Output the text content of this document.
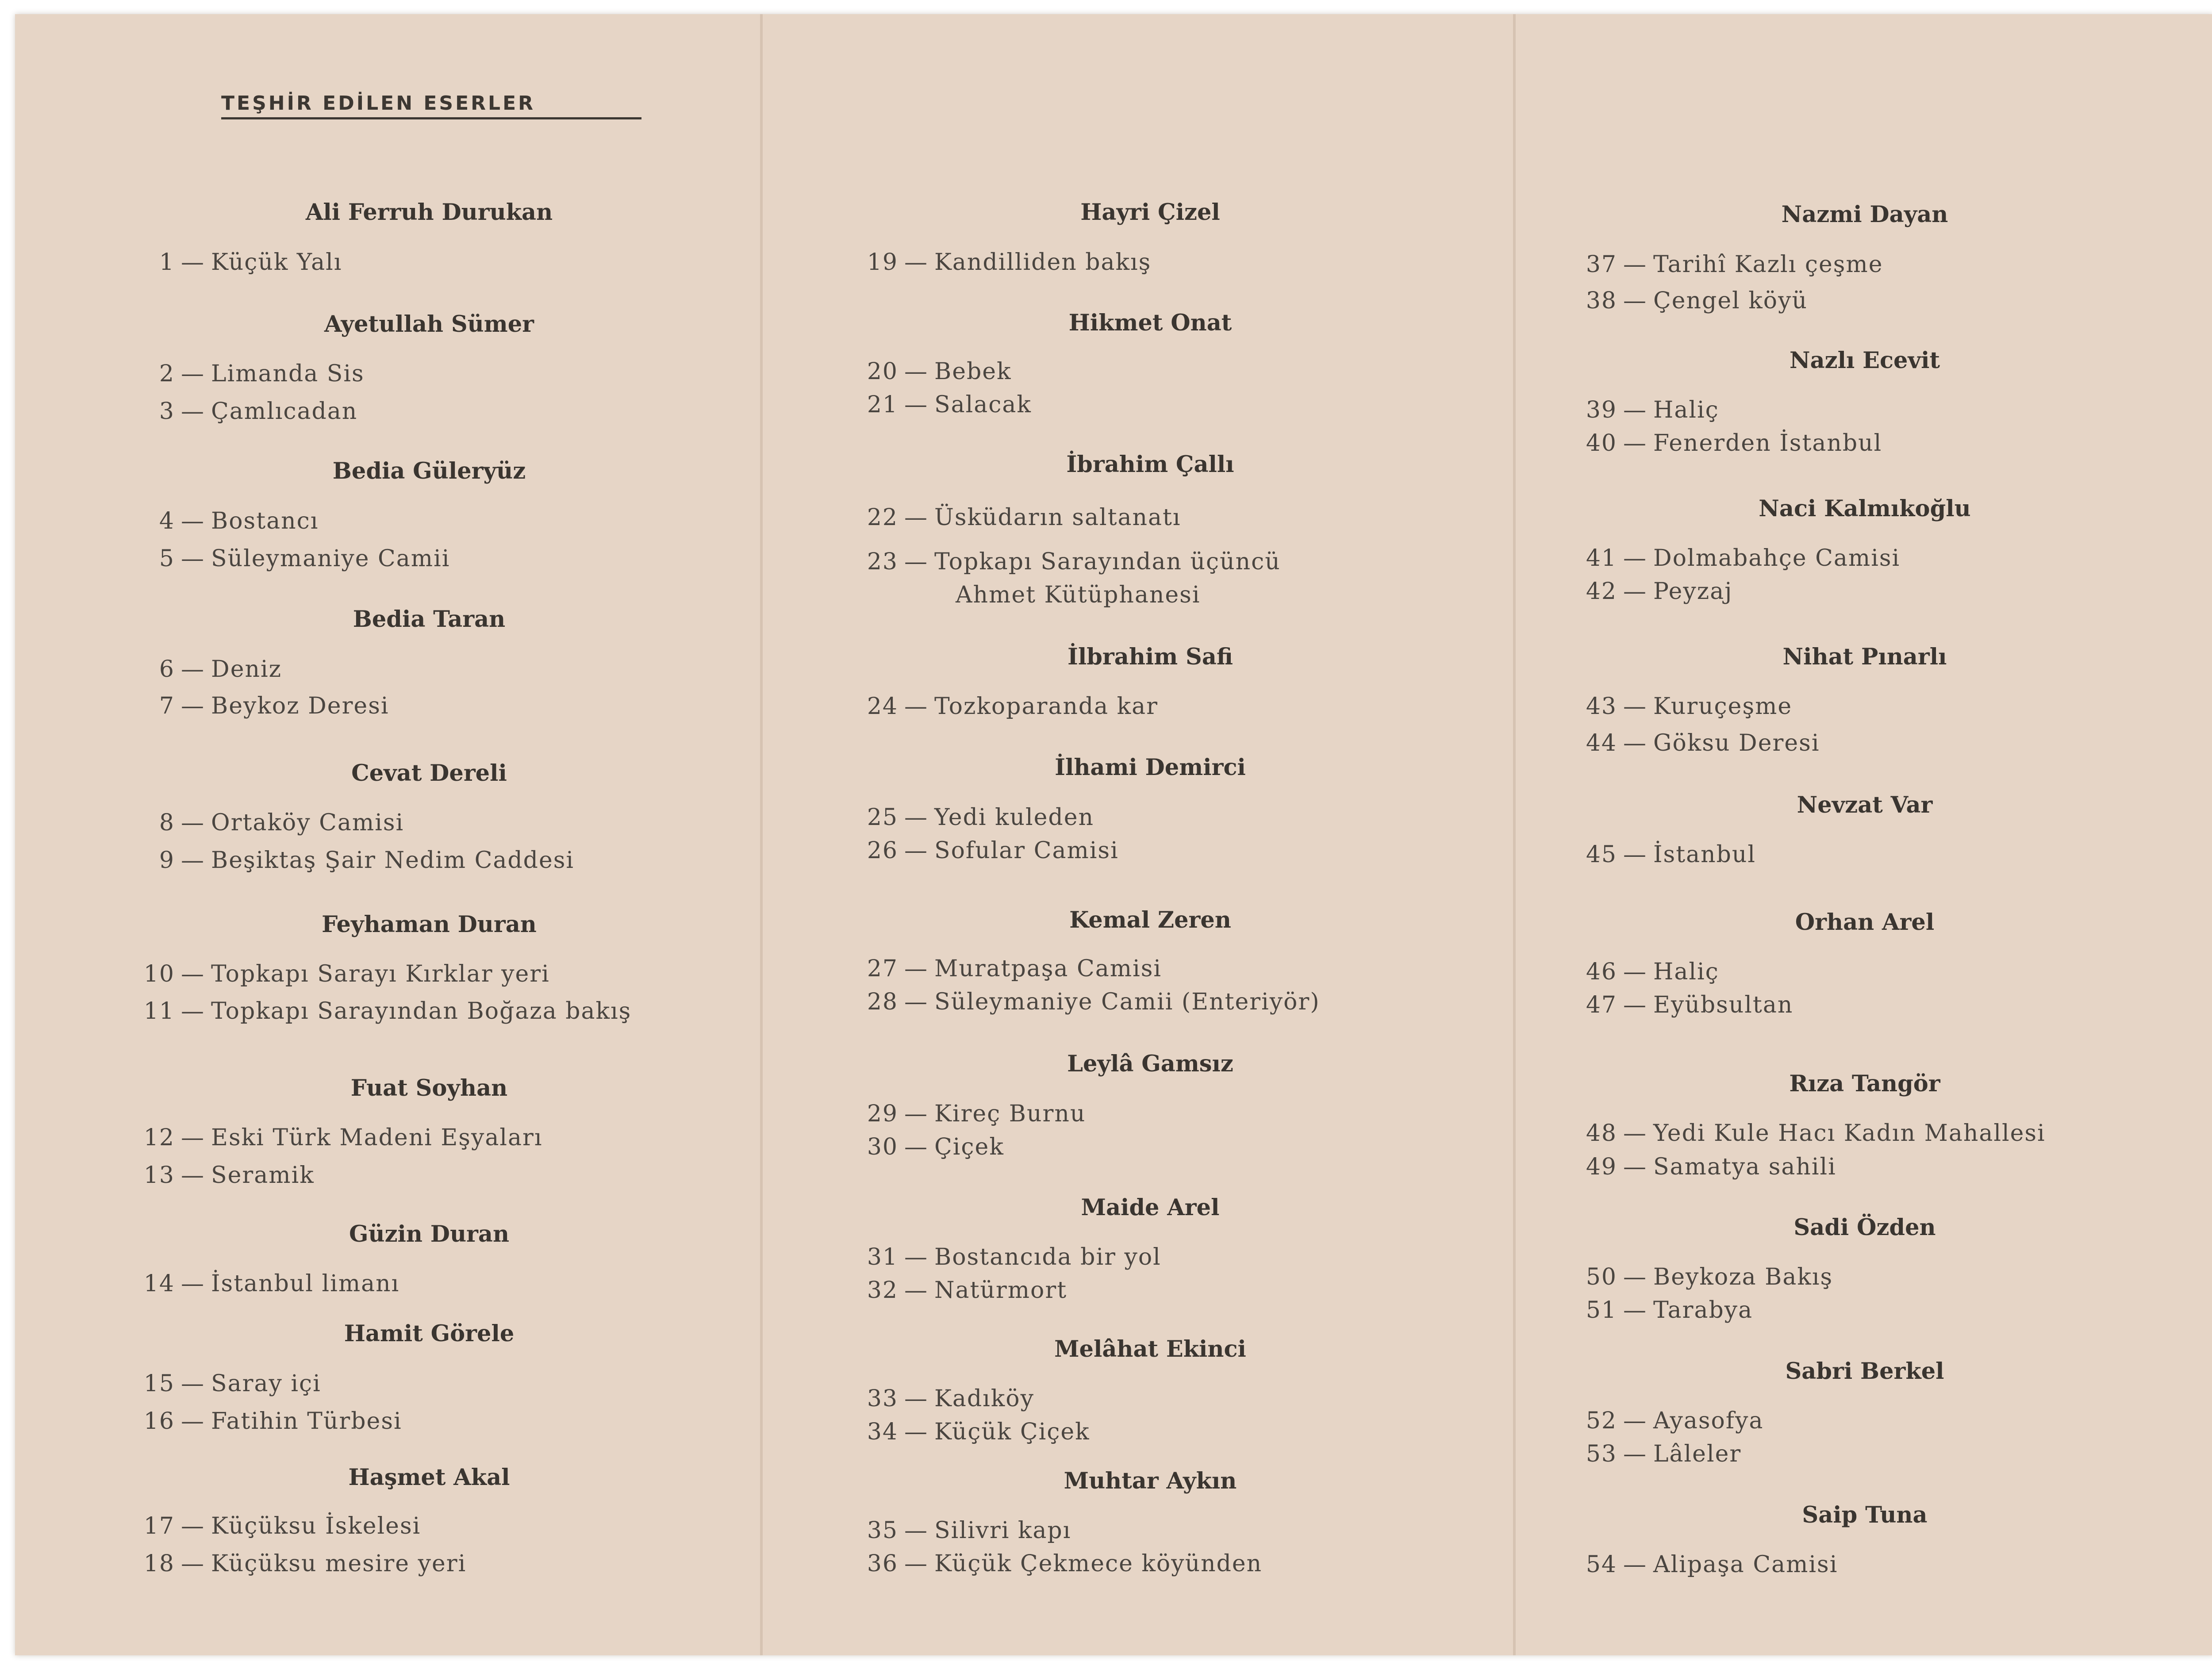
TEŞHİR EDİLEN ESERLER
Ali Ferruh Durukan
1 — Küçük Yalı
Ayetullah Sümer
2 — Limanda Sis
3 — Çamlıcadan
Bedia Güleryüz
4 — Bostancı
5 — Süleymaniye Camii
Bedia Taran
6 — Deniz
7 — Beykoz Deresi
Cevat Dereli
8 — Ortaköy Camisi
9 — Beşiktaş Şair Nedim Caddesi
Feyhaman Duran
10 — Topkapı Sarayı Kırklar yeri
11 — Topkapı Sarayından Boğaza bakış
Fuat Soyhan
12 — Eski Türk Madeni Eşyaları
13 — Seramik
Güzin Duran
14 — İstanbul limanı
Hamit Görele
15 — Saray içi
16 — Fatihin Türbesi
Haşmet Akal
17 — Küçüksu İskelesi
18 — Küçüksu mesire yeri
Hayri Çizel
19 — Kandilliden bakış
Hikmet Onat
20 — Bebek
21 — Salacak
İbrahim Çallı
22 — Üsküdarın saltanatı
23 — Topkapı Sarayından üçüncü
Ahmet Kütüphanesi
İlbrahim Safi
24 — Tozkoparanda kar
İlhami Demirci
25 — Yedi kuleden
26 — Sofular Camisi
Kemal Zeren
27 — Muratpaşa Camisi
28 — Süleymaniye Camii (Enteriyör)
Leylâ Gamsız
29 — Kireç Burnu
30 — Çiçek
Maide Arel
31 — Bostancıda bir yol
32 — Natürmort
Melâhat Ekinci
33 — Kadıköy
34 — Küçük Çiçek
Muhtar Aykın
35 — Silivri kapı
36 — Küçük Çekmece köyünden
Nazmi Dayan
37 — Tarihî Kazlı çeşme
38 — Çengel köyü
Nazlı Ecevit
39 — Haliç
40 — Fenerden İstanbul
Naci Kalmıkoğlu
41 — Dolmabahçe Camisi
42 — Peyzaj
Nihat Pınarlı
43 — Kuruçeşme
44 — Göksu Deresi
Nevzat Var
45 — İstanbul
Orhan Arel
46 — Haliç
47 — Eyübsultan
Rıza Tangör
48 — Yedi Kule Hacı Kadın Mahallesi
49 — Samatya sahili
Sadi Özden
50 — Beykoza Bakış
51 — Tarabya
Sabri Berkel
52 — Ayasofya
53 — Lâleler
Saip Tuna
54 — Alipaşa Camisi
